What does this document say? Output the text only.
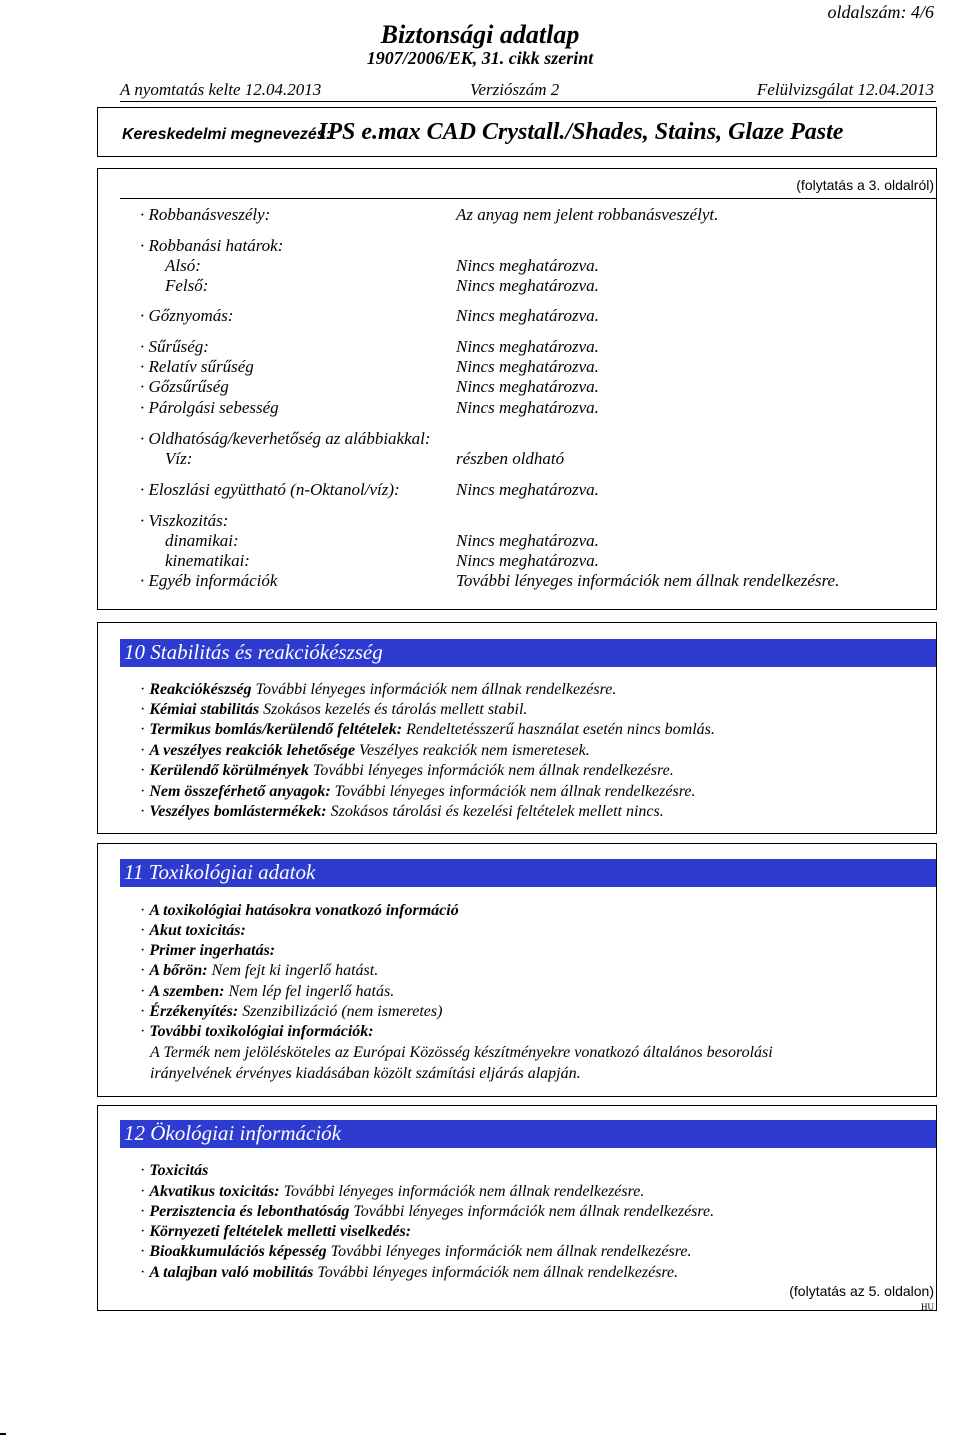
oldalszám: 4/6
Biztonsági adatlap
1907/2006/EK, 31. cikk szerint
A nyomtatás kelte 12.04.2013	Verziószám 2	Felülvizsgálat 12.04.2013
Kereskedelmi megnevezés:
IPS e.max CAD Crystall./Shades, Stains, Glaze Paste
(folytatás a 3. oldalról)
· Robbanásveszély:	Az anyag nem jelent robbanásveszélyt.
· Robbanási határok:
Alsó:	Nincs meghatározva.
Felső:	Nincs meghatározva.
· Gőznyomás:	Nincs meghatározva.
· Sűrűség:	Nincs meghatározva.
· Relatív sűrűség	Nincs meghatározva.
· Gőzsűrűség	Nincs meghatározva.
· Párolgási sebesség	Nincs meghatározva.
· Oldhatóság/keverhetőség az alábbiakkal:
Víz:	részben oldható
· Eloszlási együttható (n-Oktanol/víz):	Nincs meghatározva.
· Viszkozitás:
dinamikai:	Nincs meghatározva.
kinematikai:	Nincs meghatározva.
· Egyéb információk	További lényeges információk nem állnak rendelkezésre.
10 Stabilitás és reakciókészség
· Reakciókészség További lényeges információk nem állnak rendelkezésre.
· Kémiai stabilitás Szokásos kezelés és tárolás mellett stabil.
· Termikus bomlás/kerülendő feltételek: Rendeltetésszerű használat esetén nincs bomlás.
· A veszélyes reakciók lehetősége Veszélyes reakciók nem ismeretesek.
· Kerülendő körülmények További lényeges információk nem állnak rendelkezésre.
· Nem összeférhető anyagok: További lényeges információk nem állnak rendelkezésre.
· Veszélyes bomlástermékek: Szokásos tárolási és kezelési feltételek mellett nincs.
11 Toxikológiai adatok
· A toxikológiai hatásokra vonatkozó információ
· Akut toxicitás:
· Primer ingerhatás:
· A bőrön: Nem fejt ki ingerlő hatást.
· A szemben: Nem lép fel ingerlő hatás.
· Érzékenyítés: Szenzibilizáció (nem ismeretes)
· További toxikológiai információk:
A Termék nem jelölésköteles az Európai Közösség készítményekre vonatkozó általános besorolási
irányelvének érvényes kiadásában közölt számítási eljárás alapján.
12 Ökológiai információk
· Toxicitás
· Akvatikus toxicitás: További lényeges információk nem állnak rendelkezésre.
· Perzisztencia és lebonthatóság További lényeges információk nem állnak rendelkezésre.
· Környezeti feltételek melletti viselkedés:
· Bioakkumulációs képesség További lényeges információk nem állnak rendelkezésre.
· A talajban való mobilitás További lényeges információk nem állnak rendelkezésre.
(folytatás az 5. oldalon)
HU
